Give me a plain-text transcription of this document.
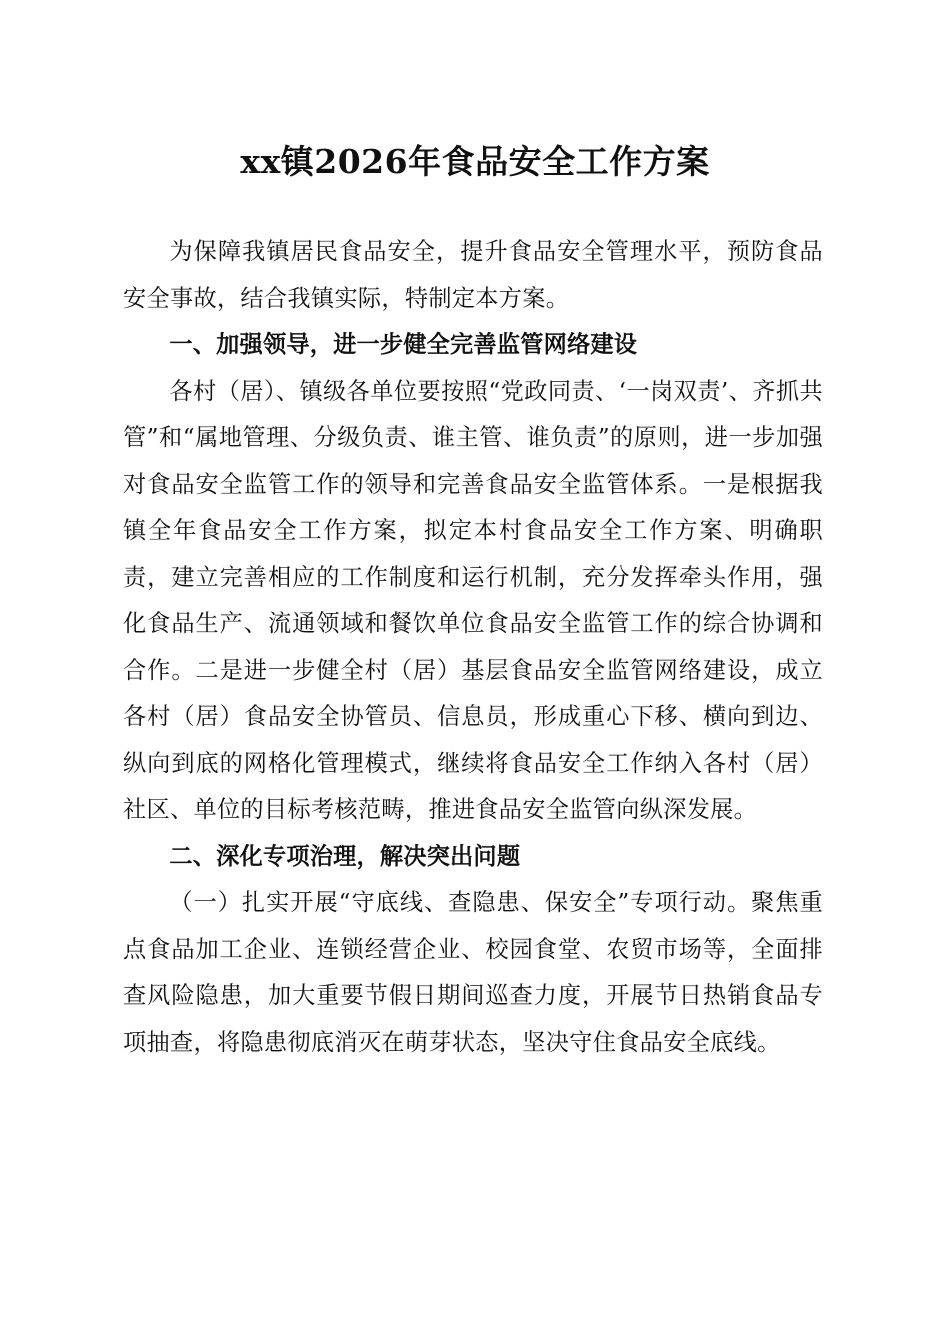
xx镇2026年食品安全工作方案

为保障我镇居民食品安全，提升食品安全管理水平，预防食品安全事故，结合我镇实际，特制定本方案。

一、加强领导，进一步健全完善监管网络建设

各村（居）、镇级各单位要按照“党政同责、‘一岗双责’、齐抓共管”和“属地管理、分级负责、谁主管、谁负责”的原则，进一步加强对食品安全监管工作的领导和完善食品安全监管体系。一是根据我镇全年食品安全工作方案，拟定本村食品安全工作方案、明确职责，建立完善相应的工作制度和运行机制，充分发挥牵头作用，强化食品生产、流通领域和餐饮单位食品安全监管工作的综合协调和合作。二是进一步健全村（居）基层食品安全监管网络建设，成立各村（居）食品安全协管员、信息员，形成重心下移、横向到边、纵向到底的网格化管理模式，继续将食品安全工作纳入各村（居）社区、单位的目标考核范畴，推进食品安全监管向纵深发展。

二、深化专项治理，解决突出问题

（一）扎实开展“守底线、查隐患、保安全”专项行动。聚焦重点食品加工企业、连锁经营企业、校园食堂、农贸市场等，全面排查风险隐患，加大重要节假日期间巡查力度，开展节日热销食品专项抽查，将隐患彻底消灭在萌芽状态，坚决守住食品安全底线。
